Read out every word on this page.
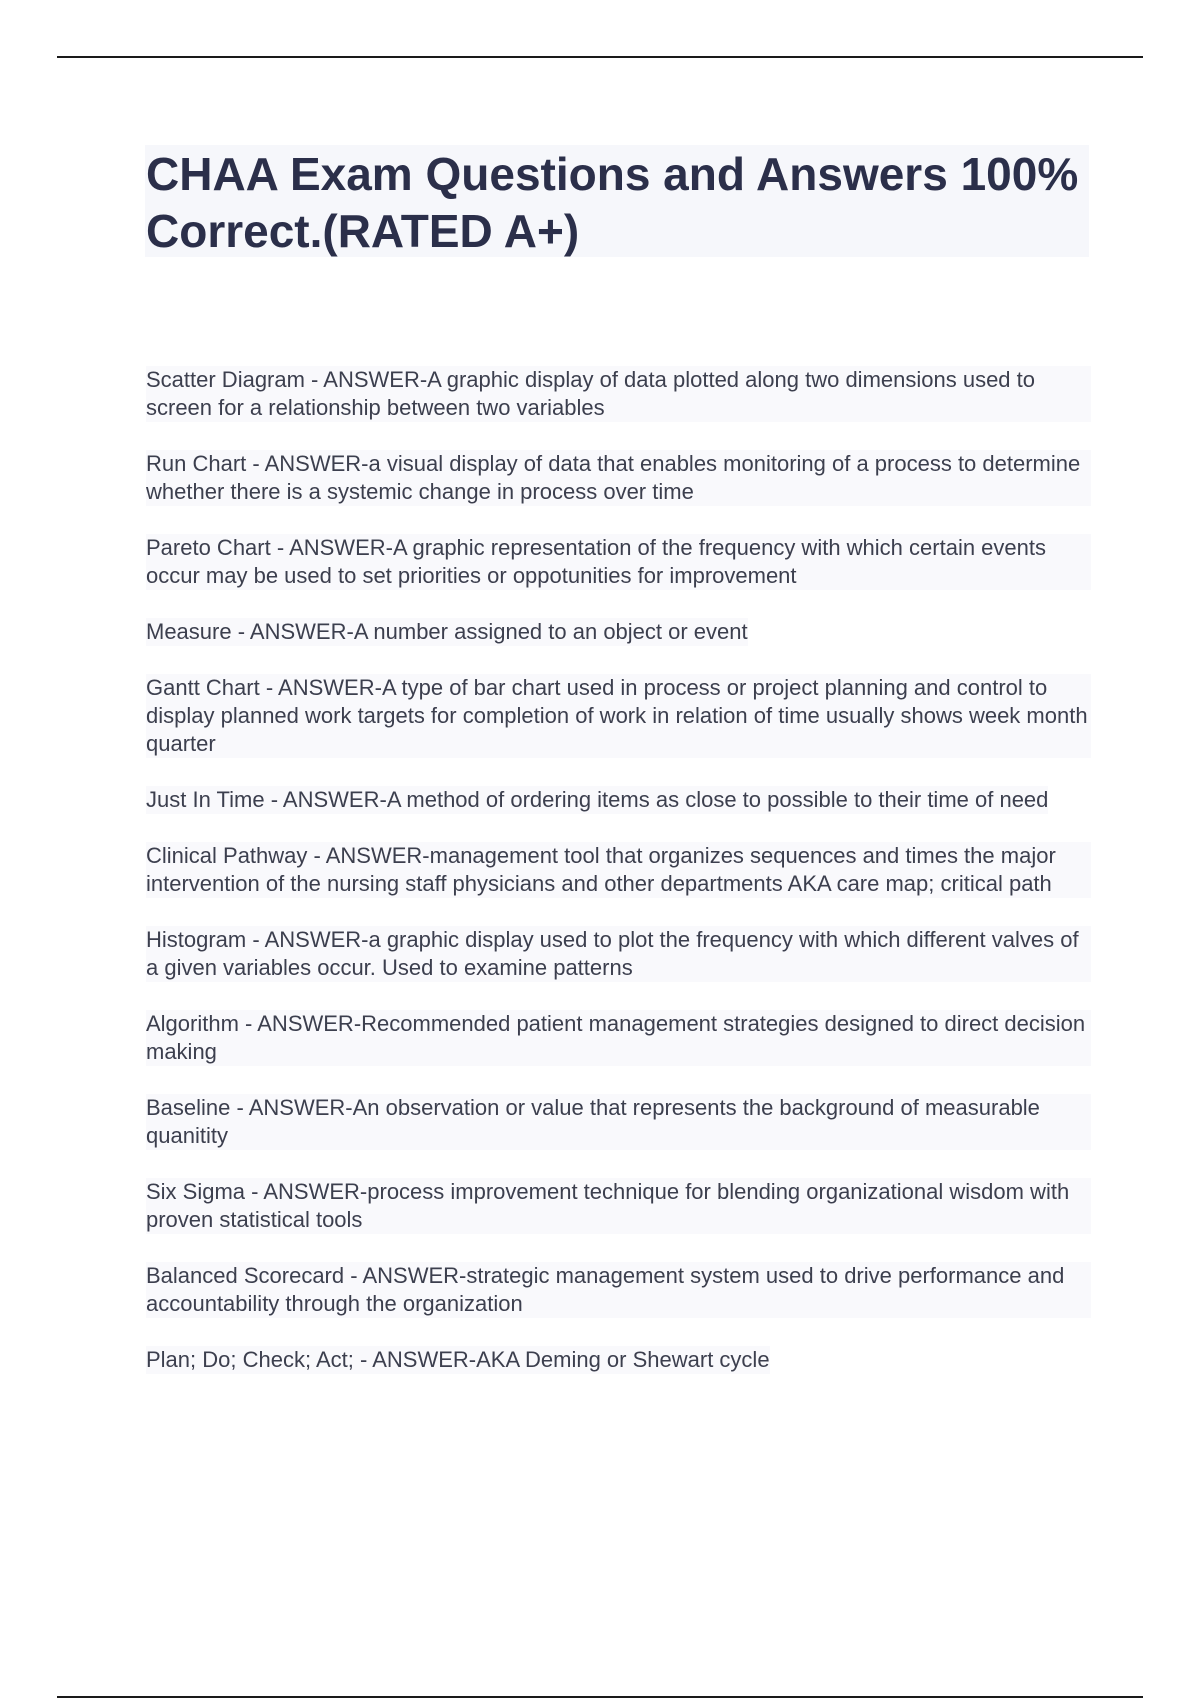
CHAA Exam Questions and Answers 100% Correct.(RATED A+)

Scatter Diagram - ANSWER-A graphic display of data plotted along two dimensions used to screen for a relationship between two variables

Run Chart - ANSWER-a visual display of data that enables monitoring of a process to determine whether there is a systemic change in process over time

Pareto Chart - ANSWER-A graphic representation of the frequency with which certain events occur may be used to set priorities or oppotunities for improvement

Measure - ANSWER-A number assigned to an object or event

Gantt Chart - ANSWER-A type of bar chart used in process or project planning and control to display planned work targets for completion of work in relation of time usually shows week month quarter

Just In Time - ANSWER-A method of ordering items as close to possible to their time of need

Clinical Pathway - ANSWER-management tool that organizes sequences and times the major intervention of the nursing staff physicians and other departments AKA care map; critical path

Histogram - ANSWER-a graphic display used to plot the frequency with which different valves of a given variables occur. Used to examine patterns

Algorithm - ANSWER-Recommended patient management strategies designed to direct decision making

Baseline - ANSWER-An observation or value that represents the background of measurable quanitity

Six Sigma - ANSWER-process improvement technique for blending organizational wisdom with proven statistical tools

Balanced Scorecard - ANSWER-strategic management system used to drive performance and accountability through the organization

Plan; Do; Check; Act; - ANSWER-AKA Deming or Shewart cycle
